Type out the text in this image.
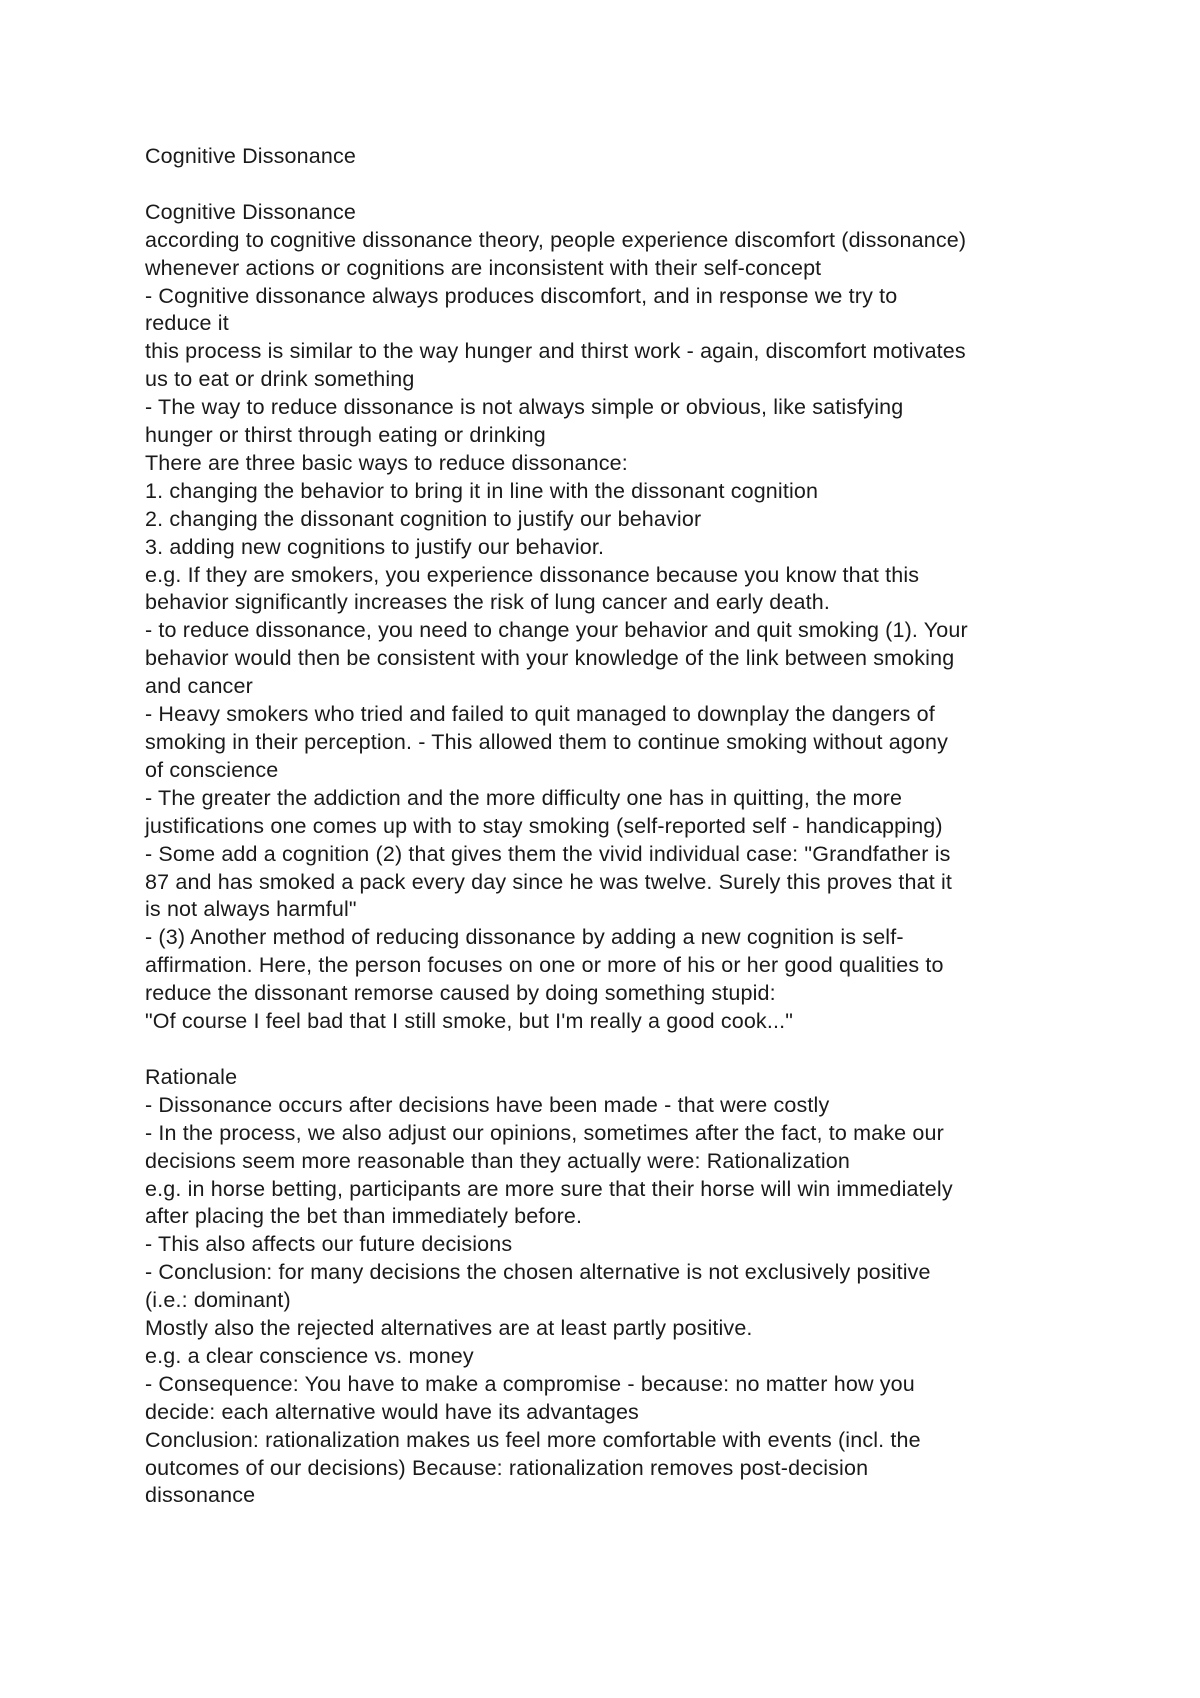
Cognitive Dissonance
Cognitive Dissonance
according to cognitive dissonance theory, people experience discomfort (dissonance)
whenever actions or cognitions are inconsistent with their self-concept
- Cognitive dissonance always produces discomfort, and in response we try to
reduce it
this process is similar to the way hunger and thirst work - again, discomfort motivates
us to eat or drink something
- The way to reduce dissonance is not always simple or obvious, like satisfying
hunger or thirst through eating or drinking
There are three basic ways to reduce dissonance:
1. changing the behavior to bring it in line with the dissonant cognition
2. changing the dissonant cognition to justify our behavior
3. adding new cognitions to justify our behavior.
e.g. If they are smokers, you experience dissonance because you know that this
behavior significantly increases the risk of lung cancer and early death.
- to reduce dissonance, you need to change your behavior and quit smoking (1). Your
behavior would then be consistent with your knowledge of the link between smoking
and cancer
- Heavy smokers who tried and failed to quit managed to downplay the dangers of
smoking in their perception. - This allowed them to continue smoking without agony
of conscience
- The greater the addiction and the more difficulty one has in quitting, the more
justifications one comes up with to stay smoking (self-reported self - handicapping)
- Some add a cognition (2) that gives them the vivid individual case: "Grandfather is
87 and has smoked a pack every day since he was twelve. Surely this proves that it
is not always harmful"
- (3) Another method of reducing dissonance by adding a new cognition is self-
affirmation. Here, the person focuses on one or more of his or her good qualities to
reduce the dissonant remorse caused by doing something stupid:
"Of course I feel bad that I still smoke, but I'm really a good cook..."
Rationale
- Dissonance occurs after decisions have been made - that were costly
- In the process, we also adjust our opinions, sometimes after the fact, to make our
decisions seem more reasonable than they actually were: Rationalization
e.g. in horse betting, participants are more sure that their horse will win immediately
after placing the bet than immediately before.
- This also affects our future decisions
- Conclusion: for many decisions the chosen alternative is not exclusively positive
(i.e.: dominant)
Mostly also the rejected alternatives are at least partly positive.
e.g. a clear conscience vs. money
- Consequence: You have to make a compromise - because: no matter how you
decide: each alternative would have its advantages
Conclusion: rationalization makes us feel more comfortable with events (incl. the
outcomes of our decisions) Because: rationalization removes post-decision
dissonance
